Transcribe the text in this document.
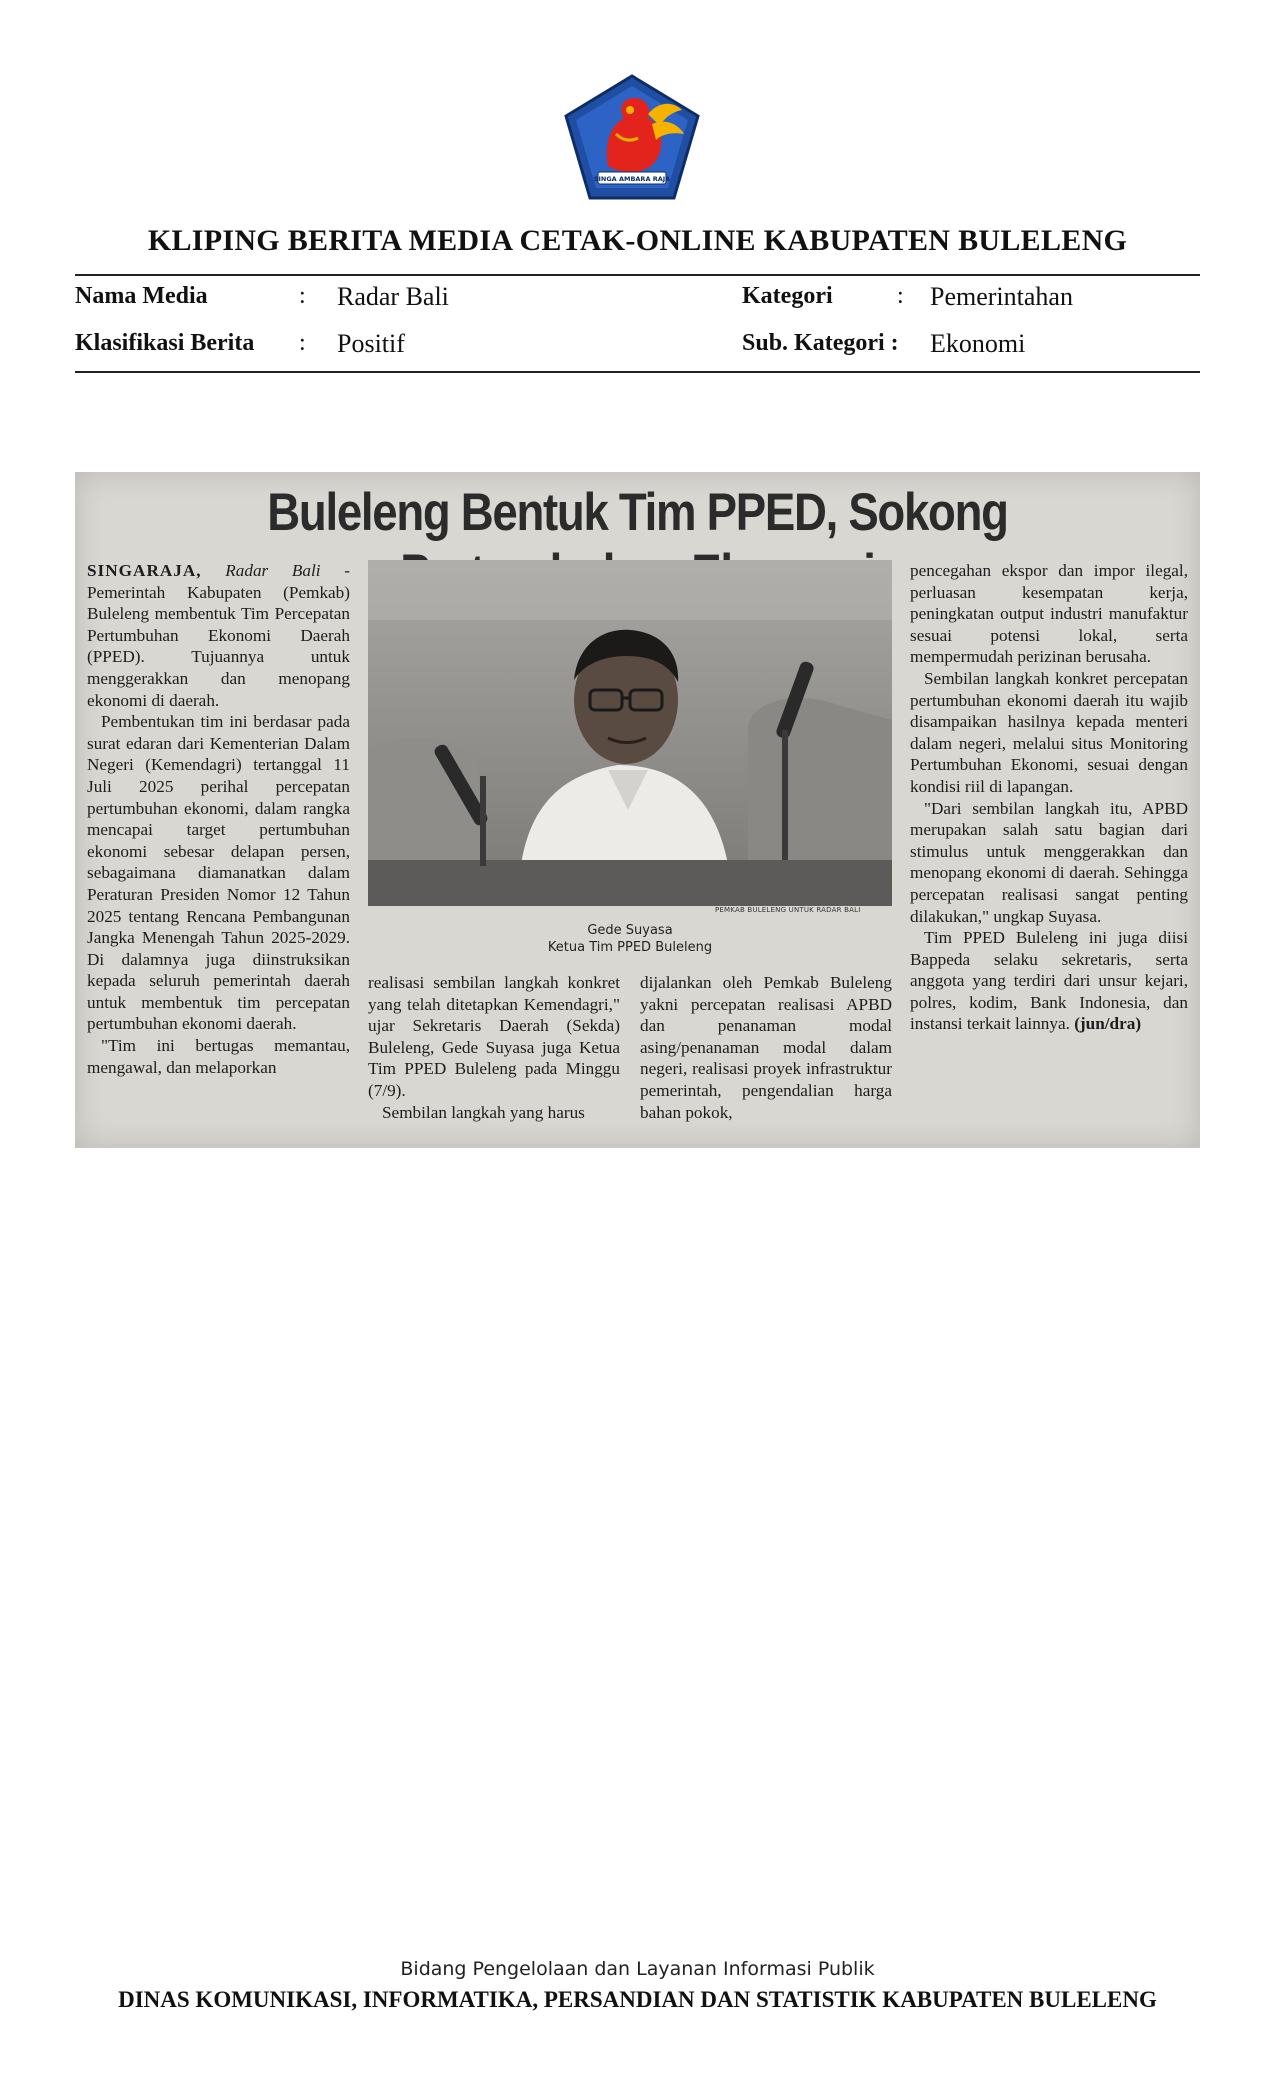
SINGA AMBARA RAJA
KLIPING BERITA MEDIA CETAK-ONLINE KABUPATEN BULELENG
Nama Media	: Radar Bali	Kategori	: Pemerintahan
Klasifikasi Berita : Positif	Sub. Kategori : Ekonomi
Buleleng Bentuk Tim PPED, Sokong

SINGARAJA, Radar Bali - Pemerintah Kabupaten (Pemkab) Buleleng membentuk Tim Percepatan Pertumbuhan Ekonomi Daerah (PPED). Tujuannya untuk menggerakkan dan menopang ekonomi di daerah.

Pembentukan tim ini berdasar pada surat edaran dari Kementerian Dalam Negeri (Kemendagri) tertanggal 11 Juli 2025 perihal percepatan pertumbuhan ekonomi, dalam rangka mencapai target pertumbuhan ekonomi sebesar delapan persen, sebagaimana diamanatkan dalam Peraturan Presiden Nomor 12 Tahun 2025 tentang Rencana Pembangunan Jangka Menengah Tahun 2025-2029. Di dalamnya juga diinstruksikan kepada seluruh pemerintah daerah untuk membentuk tim percepatan pertumbuhan ekonomi daerah.

"Tim ini bertugas memantau, mengawal, dan melaporkan

PEMKAB BULELENG UNTUK RADAR BALI
Gede Suyasa
Ketua Tim PPED Buleleng

realisasi sembilan langkah konkret yang telah ditetapkan Kemendagri," ujar Sekretaris Daerah (Sekda) Buleleng, Gede Suyasa juga Ketua Tim PPED Buleleng pada Minggu (7/9).

Sembilan langkah yang harus

dijalankan oleh Pemkab Buleleng yakni percepatan realisasi APBD dan penanaman modal asing/penanaman modal dalam negeri, realisasi proyek infrastruktur pemerintah, pengendalian harga bahan pokok,

pencegahan ekspor dan impor ilegal, perluasan kesempatan kerja, peningkatan output industri manufaktur sesuai potensi lokal, serta mempermudah perizinan berusaha.

Sembilan langkah konkret percepatan pertumbuhan ekonomi daerah itu wajib disampaikan hasilnya kepada menteri dalam negeri, melalui situs Monitoring Pertumbuhan Ekonomi, sesuai dengan kondisi riil di lapangan.

"Dari sembilan langkah itu, APBD merupakan salah satu bagian dari stimulus untuk menggerakkan dan menopang ekonomi di daerah. Sehingga percepatan realisasi sangat penting dilakukan," ungkap Suyasa.

Tim PPED Buleleng ini juga diisi Bappeda selaku sekretaris, serta anggota yang terdiri dari unsur kejari, polres, kodim, Bank Indonesia, dan instansi terkait lainnya. (jun/dra)

Bidang Pengelolaan dan Layanan Informasi Publik
DINAS KOMUNIKASI, INFORMATIKA, PERSANDIAN DAN STATISTIK KABUPATEN BULELENG
